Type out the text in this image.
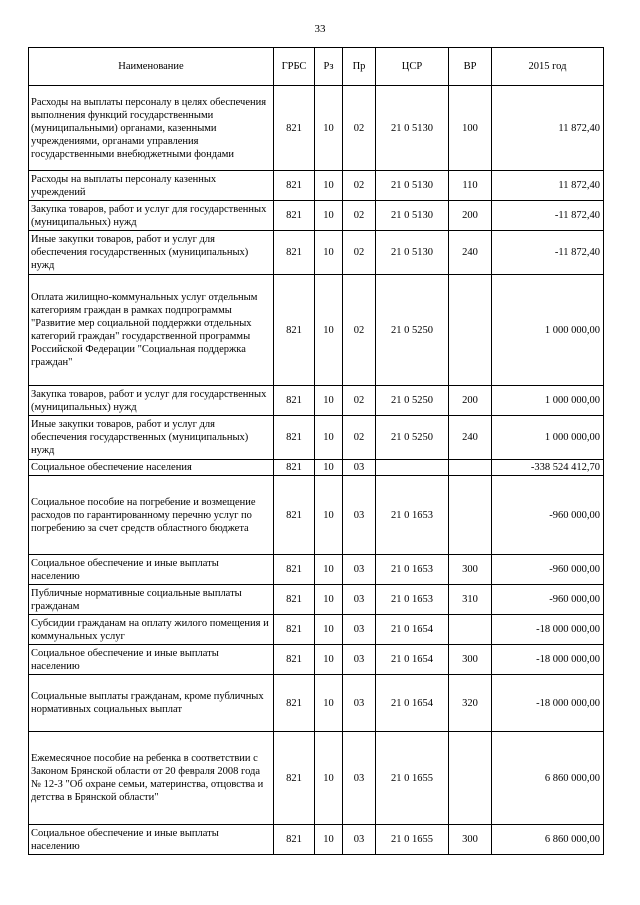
33
Наименование	ГРБС	Рз	Пр	ЦСР	ВР	2015 год
Расходы на выплаты персоналу в целях обеспечения выполнения функций государственными (муниципальными) органами, казенными учреждениями, органами управления государственными внебюджетными фондами	821	10	02	21 0 5130	100	11 872,40
Расходы на выплаты персоналу казенных учреждений	821	10	02	21 0 5130	110	11 872,40
Закупка товаров, работ и услуг для государственных (муниципальных) нужд	821	10	02	21 0 5130	200	-11 872,40
Иные закупки товаров, работ и услуг для обеспечения государственных (муниципальных) нужд	821	10	02	21 0 5130	240	-11 872,40
Оплата жилищно-коммунальных услуг отдельным категориям граждан в рамках подпрограммы "Развитие мер социальной поддержки отдельных категорий граждан" государственной программы Российской Федерации "Социальная поддержка граждан"	821	10	02	21 0 5250		1 000 000,00
Закупка товаров, работ и услуг для государственных (муниципальных) нужд	821	10	02	21 0 5250	200	1 000 000,00
Иные закупки товаров, работ и услуг для обеспечения государственных (муниципальных) нужд	821	10	02	21 0 5250	240	1 000 000,00
Социальное обеспечение населения	821	10	03			-338 524 412,70
Социальное пособие на погребение и возмещение расходов по гарантированному перечню услуг по погребению за счет средств областного бюджета	821	10	03	21 0 1653		-960 000,00
Социальное обеспечение и иные выплаты населению	821	10	03	21 0 1653	300	-960 000,00
Публичные нормативные социальные выплаты гражданам	821	10	03	21 0 1653	310	-960 000,00
Субсидии гражданам на оплату жилого помещения и коммунальных услуг	821	10	03	21 0 1654		-18 000 000,00
Социальное обеспечение и иные выплаты населению	821	10	03	21 0 1654	300	-18 000 000,00
Социальные выплаты гражданам, кроме публичных нормативных социальных выплат	821	10	03	21 0 1654	320	-18 000 000,00
Ежемесячное пособие на ребенка в соответствии с Законом Брянской области от 20 февраля 2008 года № 12-З "Об охране семьи, материнства, отцовства и детства в Брянской области"	821	10	03	21 0 1655		6 860 000,00
Социальное обеспечение и иные выплаты населению	821	10	03	21 0 1655	300	6 860 000,00
